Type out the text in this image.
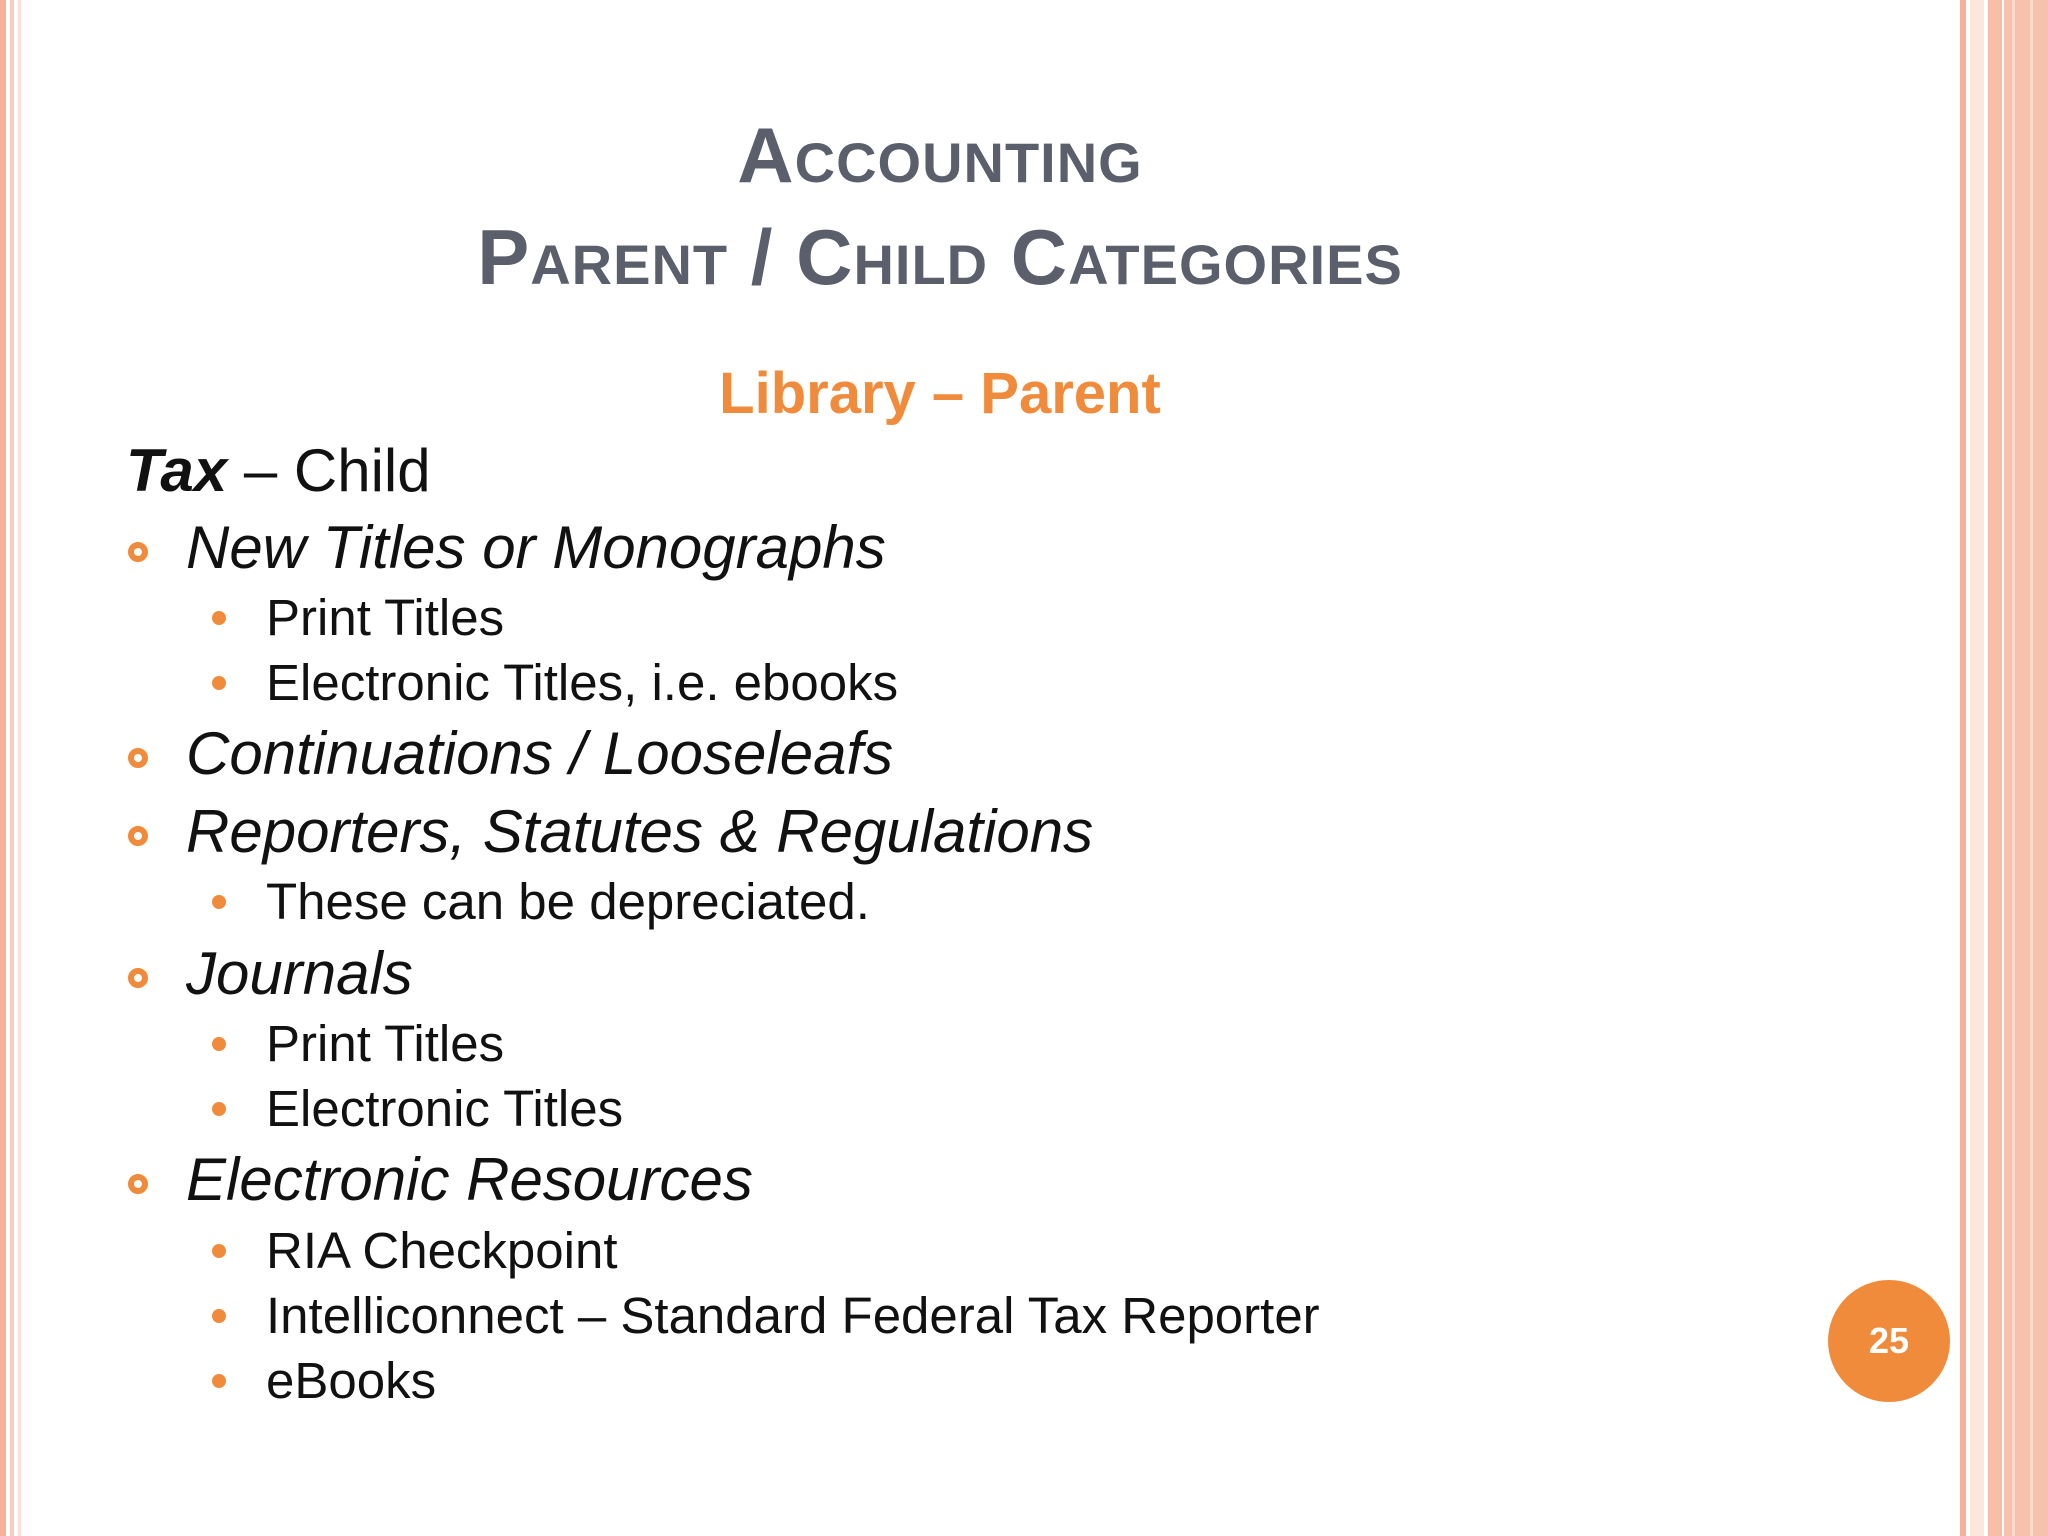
ACCOUNTING
PARENT / CHILD CATEGORIES
Library – Parent
Tax – Child
New Titles or Monographs
Print Titles
Electronic Titles, i.e. ebooks
Continuations / Looseleafs
Reporters, Statutes & Regulations
These can be depreciated.
Journals
Print Titles
Electronic Titles
Electronic Resources
RIA Checkpoint
Intelliconnect – Standard Federal Tax Reporter
eBooks
25
